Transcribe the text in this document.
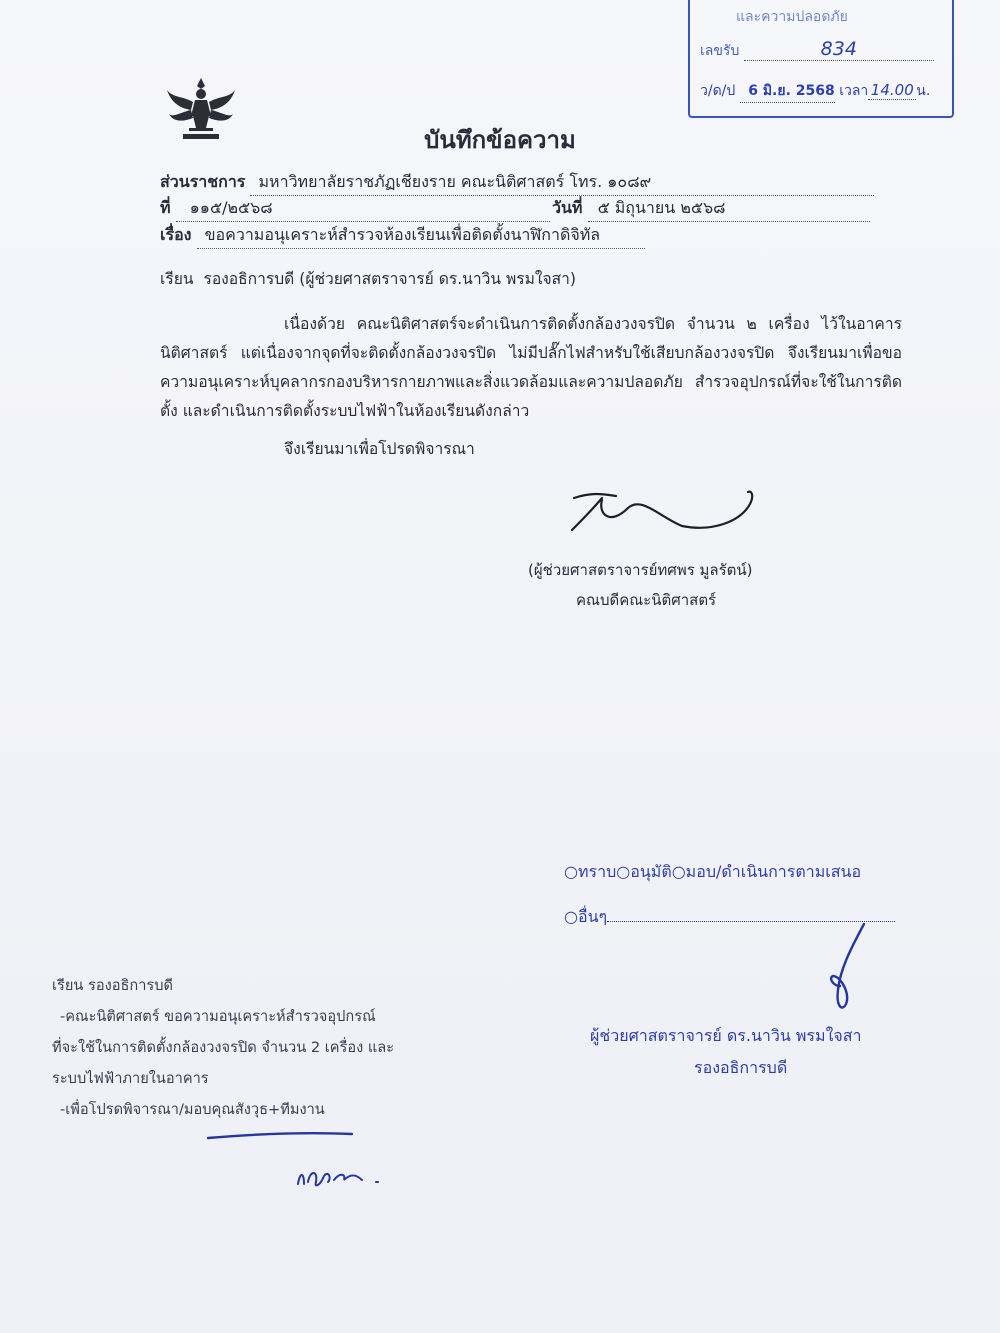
และความปลอดภัย
เลขรับ	834
ว/ด/ป 6 มิ.ย. 2568 เวลา 14.00 น.
บันทึกข้อความ
ส่วนราชการ มหาวิทยาลัยราชภัฏเชียงราย คณะนิติศาสตร์ โทร. ๑๐๘๙
ที่ ๑๑๕/๒๕๖๘	วันที่ ๕ มิถุนายน ๒๕๖๘
เรื่อง ขอความอนุเคราะห์สำรวจห้องเรียนเพื่อติดตั้งนาฬิกาดิจิทัล
เรียน รองอธิการบดี (ผู้ช่วยศาสตราจารย์ ดร.นาวิน พรมใจสา)
เนื่องด้วย คณะนิติศาสตร์จะดำเนินการติดตั้งกล้องวงจรปิด จำนวน ๒ เครื่อง ไว้ในอาคารนิติศาสตร์ แต่เนื่องจากจุดที่จะติดตั้งกล้องวงจรปิด ไม่มีปลั๊กไฟสำหรับใช้เสียบกล้องวงจรปิด จึงเรียนมาเพื่อขอความอนุเคราะห์บุคลากรกองบริหารกายภาพและสิ่งแวดล้อมและความปลอดภัย สำรวจอุปกรณ์ที่จะใช้ในการติดตั้ง และดำเนินการติดตั้งระบบไฟฟ้าในห้องเรียนดังกล่าว
จึงเรียนมาเพื่อโปรดพิจารณา
(ผู้ช่วยศาสตราจารย์ทศพร มูลรัตน์)
คณบดีคณะนิติศาสตร์
○ทราบ○อนุมัติ○มอบ/ดำเนินการตามเสนอ
○อื่นๆ
ผู้ช่วยศาสตราจารย์ ดร.นาวิน พรมใจสา
รองอธิการบดี
เรียน รองอธิการบดี
-คณะนิติศาสตร์ ขอความอนุเคราะห์สำรวจอุปกรณ์
ที่จะใช้ในการติดตั้งกล้องวงจรปิด จำนวน 2 เครื่อง และ
ระบบไฟฟ้าภายในอาคาร
-เพื่อโปรดพิจารณา/มอบคุณสังวุธ+ทีมงาน
